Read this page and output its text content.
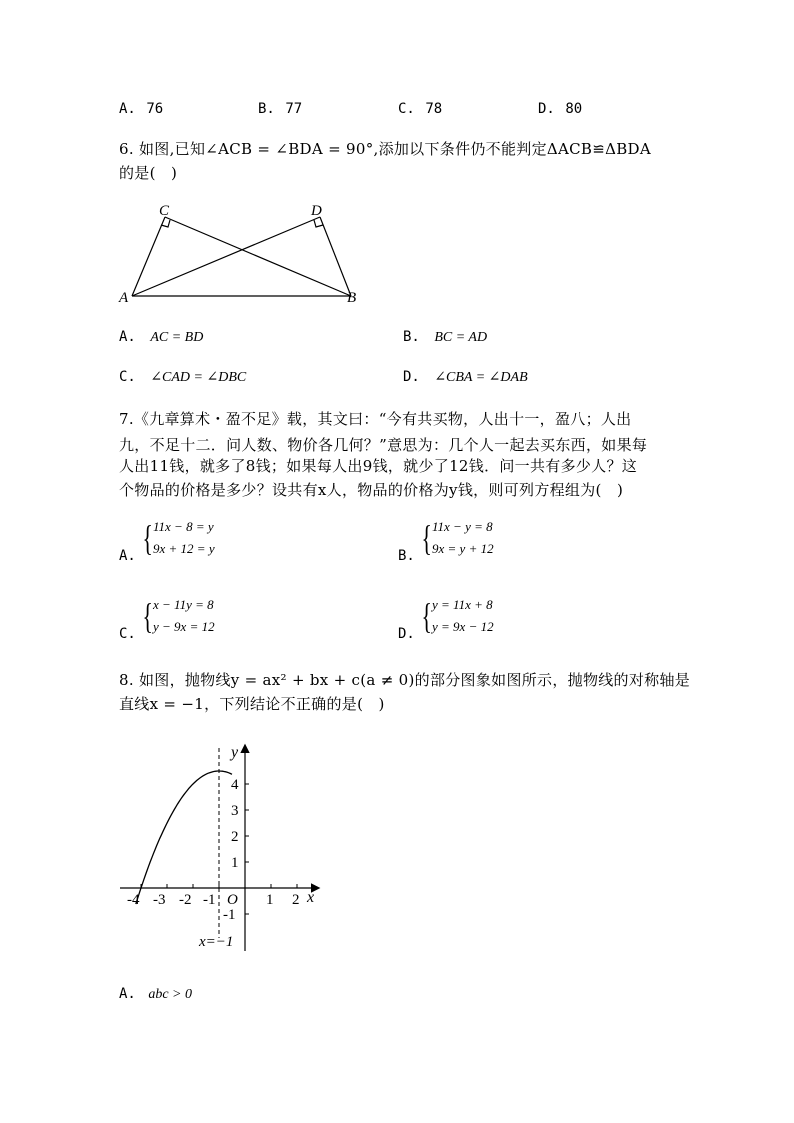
A. 76	B. 77	C. 78	D. 80
6. 如图,已知∠ACB = ∠BDA = 90°,添加以下条件仍不能判定ΔACB≌ΔBDA
的是(　)
C	D
A	B
A. AC = BD	B. BC = AD
C. ∠CAD = ∠DBC	D. ∠CBA = ∠DAB
7.《九章算术・盈不足》载，其文曰：“今有共买物，人出十一，盈八；人出
九，不足十二．问人数、物价各几何？”意思为：几个人一起去买东西，如果每
人出11钱，就多了8钱；如果每人出9钱，就少了12钱．问一共有多少人？这
个物品的价格是多少？设共有x人，物品的价格为y钱，则可列方程组为(　)
A. { 11x − 8 = y
9x + 12 = y	B. { 11x − y = 8
9x = y + 12
C. { x − 11y = 8
y − 9x = 12	D. { y = 11x + 8
y = 9x − 12
8. 如图，抛物线y = ax² + bx + c(a ≠ 0)的部分图象如图所示，抛物线的对称轴是
直线x = −1，下列结论不正确的是(　)
y
x
O
-4 -3 -2 -1	1 2
4
3
2
1
-1
x=−1
A. abc > 0
